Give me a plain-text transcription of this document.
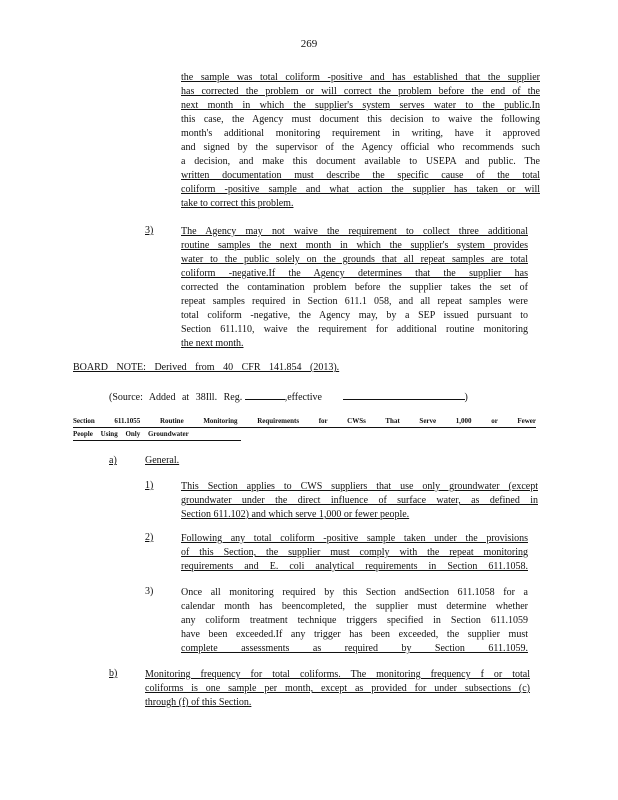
269
the sample was total coliform -positive and has established that the supplier
has corrected the problem or will correct the problem before the end of the
next month in which the supplier's system serves water to the public.In
this case, the Agency must document this decision to waive the following
month's additional monitoring requirement in writing, have it approved
and signed by the supervisor of the Agency official who recommends such
a decision, and make this document available to USEPA and public. The
written documentation must describe the specific cause of the total
coliform -positive sample and what action the supplier has taken or will
take to correct this problem.
3)	The Agency may not waive the requirement to collect three additional
routine samples the next month in which the supplier's system provides
water to the public solely on the grounds that all repeat samples are total
coliform -negative.If the Agency determines that the supplier has
corrected the contamination problem before the supplier takes the set of
repeat samples required in Section 611.1 058, and all repeat samples were
total coliform -negative, the Agency may, by a SEP issued pursuant to
Section 611.110, waive the requirement for additional routine monitoring
the next month.
BOARD NOTE: Derived from 40 CFR 141.854 (2013).
(Source: Added at 38Ill. Reg.	,effective	)
Section 611.1055 Routine Monitoring Requirements for CWSs That Serve 1,000 or Fewer
People Using Only Groundwater
a)	General.
1)	This Section applies to CWS suppliers that use only groundwater (except
groundwater under the direct influence of surface water, as defined in
Section 611.102) and which serve 1,000 or fewer people.
2)	Following any total coliform -positive sample taken under the provisions
of this Section, the supplier must comply with the repeat monitoring
requirements and E. coli analytical requirements in Section 611.1058.
3)	Once all monitoring required by this Section andSection 611.1058 for a
calendar month has beencompleted, the supplier must determine whether
any coliform treatment technique triggers specified in Section 611.1059
have been exceeded.If any trigger has been exceeded, the supplier must
complete assessments as required by Section 611.1059.
b)	Monitoring frequency for total coliforms. The monitoring frequency f or total
coliforms is one sample per month, except as provided for under subsections (c)
through (f) of this Section.
